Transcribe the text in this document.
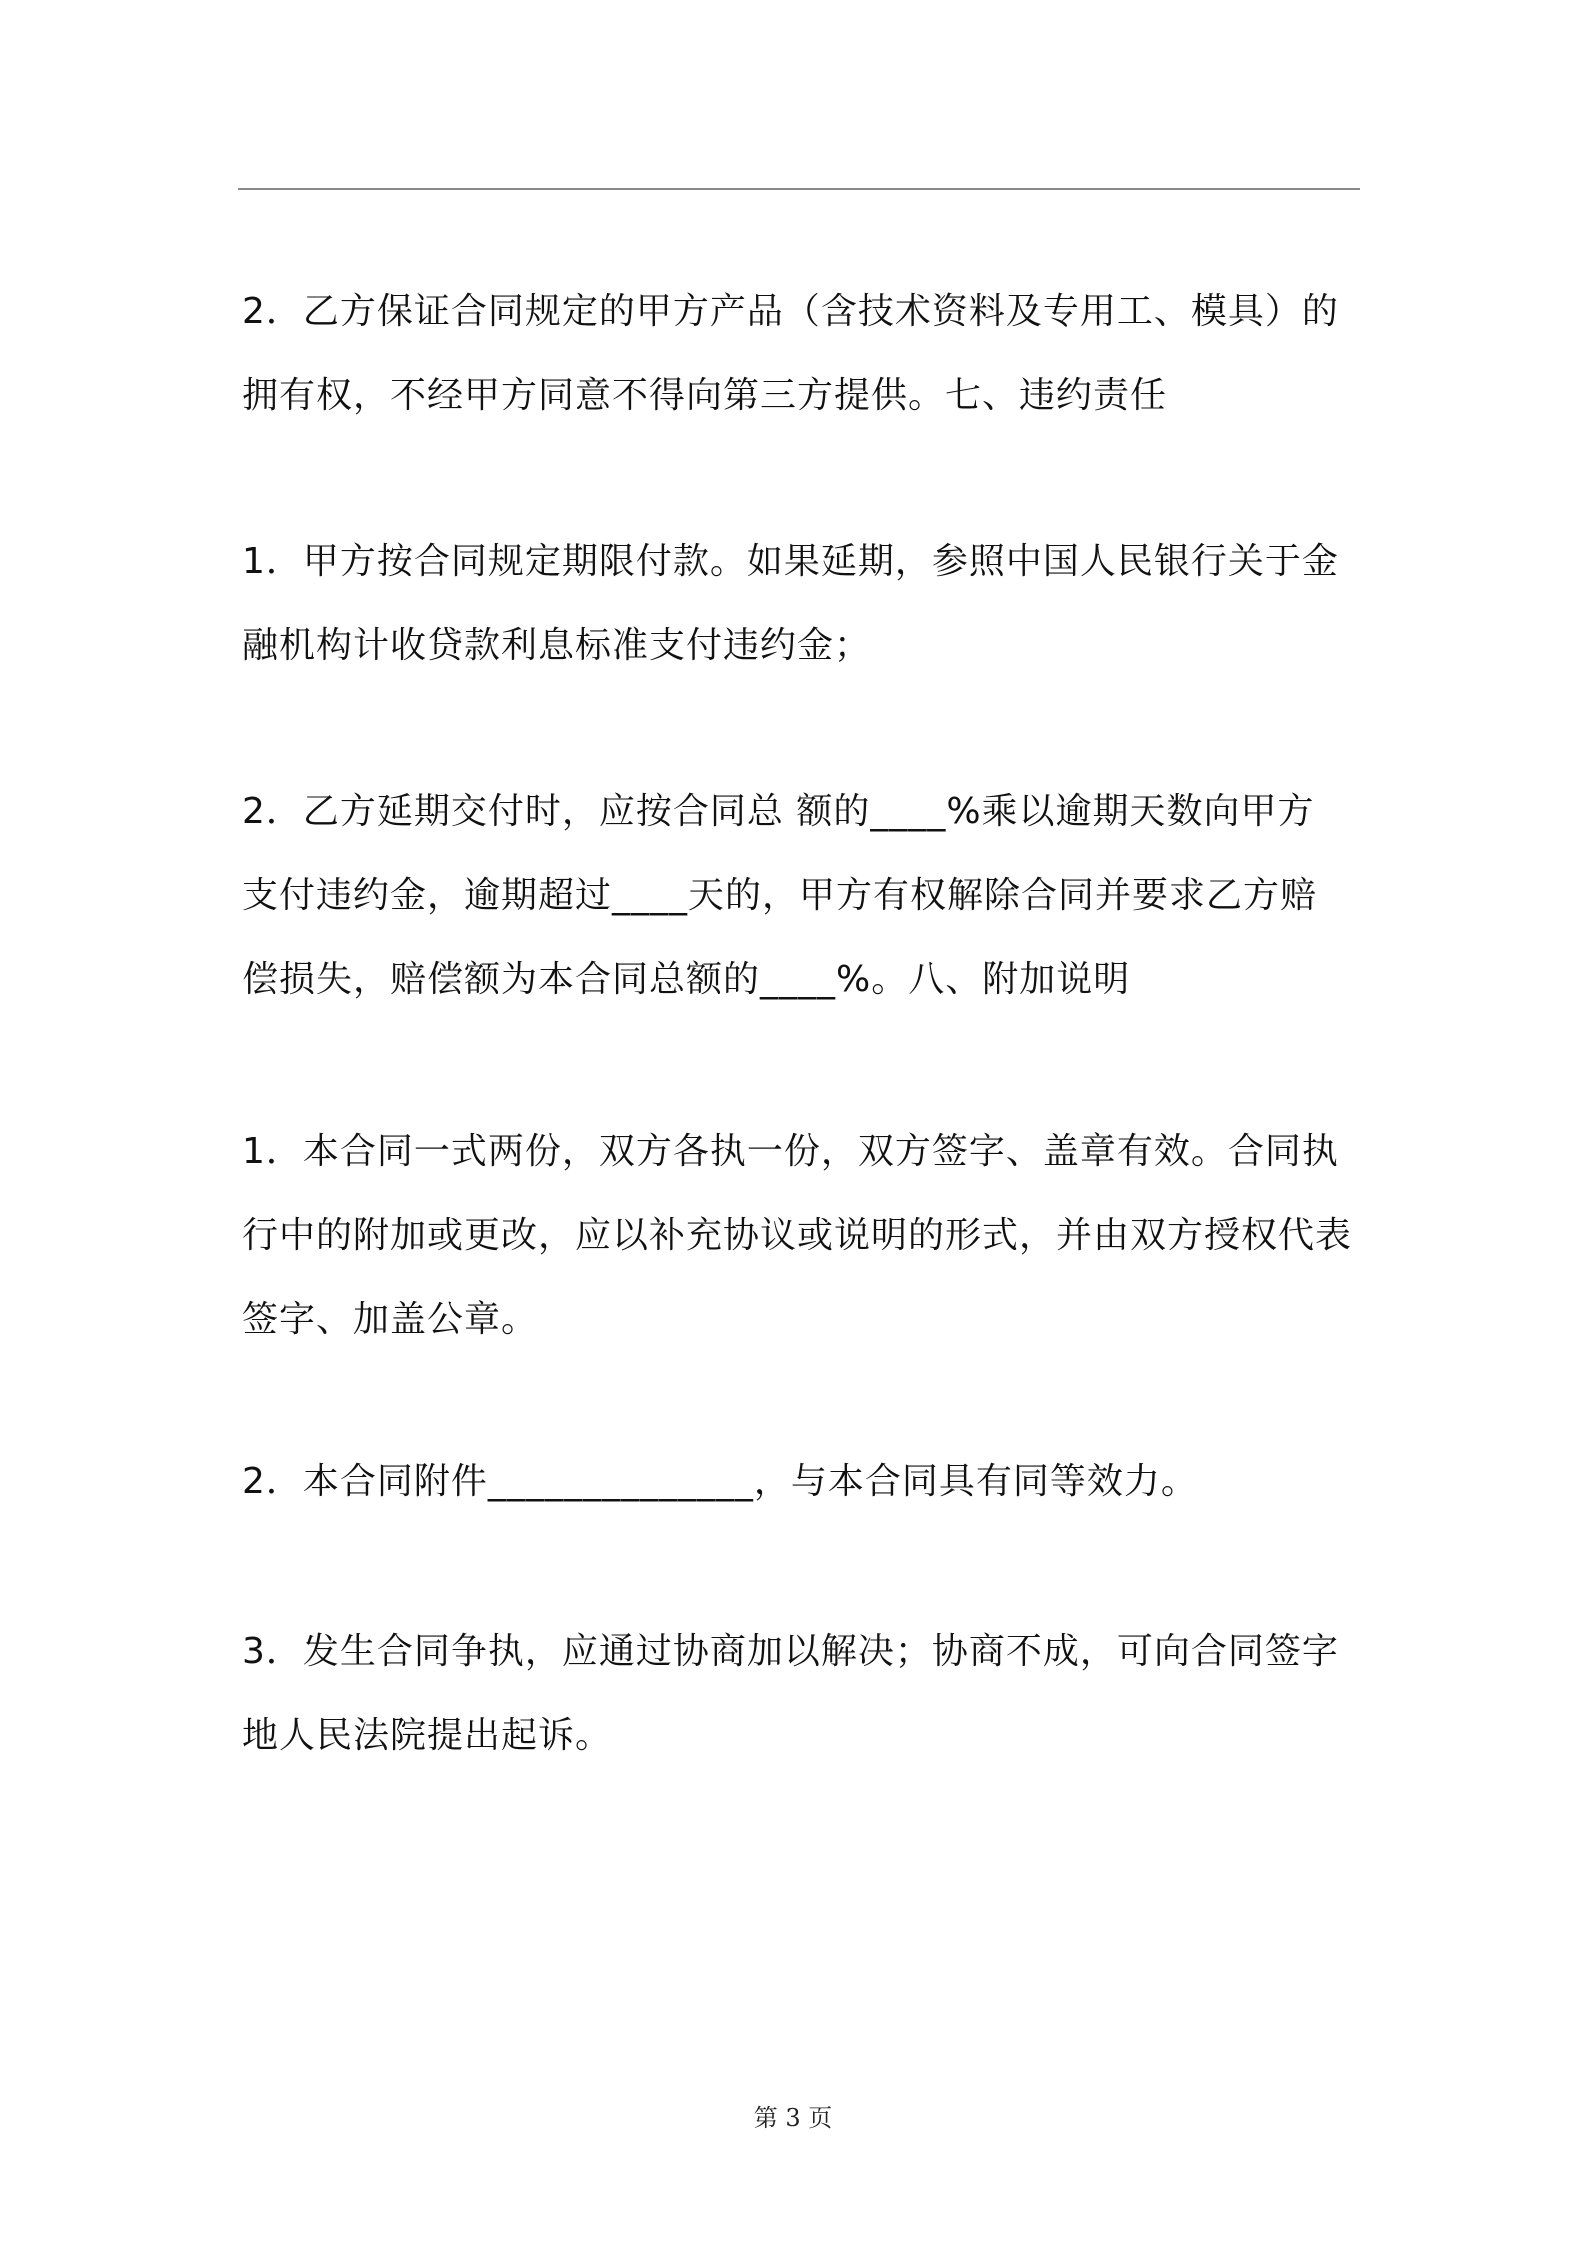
2．乙方保证合同规定的甲方产品（含技术资料及专用工、模具）的
拥有权，不经甲方同意不得向第三方提供。七、违约责任

1．甲方按合同规定期限付款。如果延期，参照中国人民银行关于金
融机构计收贷款利息标准支付违约金；

2．乙方延期交付时，应按合同总 额的____%乘以逾期天数向甲方
支付违约金，逾期超过____天的，甲方有权解除合同并要求乙方赔
偿损失，赔偿额为本合同总额的____%。八、附加说明

1．本合同一式两份，双方各执一份，双方签字、盖章有效。合同执
行中的附加或更改，应以补充协议或说明的形式，并由双方授权代表
签字、加盖公章。

2．本合同附件______________，与本合同具有同等效力。

3．发生合同争执，应通过协商加以解决；协商不成，可向合同签字
地人民法院提出起诉。

第 3 页
